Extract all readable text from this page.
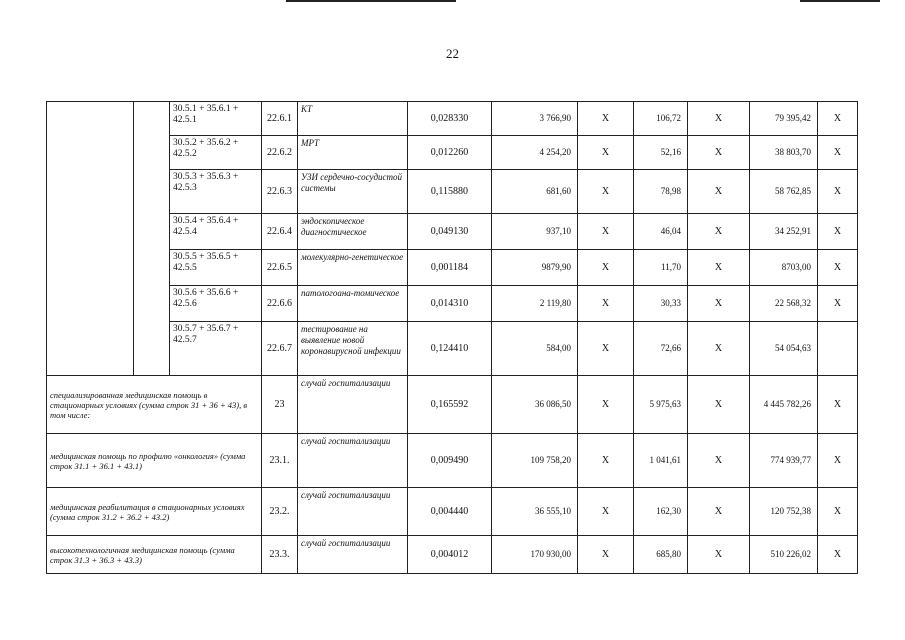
22
		30.5.1 + 35.6.1 + 42.5.1	22.6.1	КТ	0,028330	3 766,90	Х	106,72	Х	79 395,42	Х
		30.5.2 + 35.6.2 + 42.5.2	22.6.2	МРТ	0,012260	4 254,20	Х	52,16	Х	38 803,70	Х
		30.5.3 + 35.6.3 + 42.5.3	22.6.3	УЗИ сердечно-сосудистой системы	0,115880	681,60	Х	78,98	Х	58 762,85	Х
		30.5.4 + 35.6.4 + 42.5.4	22.6.4	эндоскопическое диагностическое	0,049130	937,10	Х	46,04	Х	34 252,91	Х
		30.5.5 + 35.6.5 + 42.5.5	22.6.5	молекулярно-генетическое	0,001184	9879,90	Х	11,70	Х	8703,00	Х
		30.5.6 + 35.6.6 + 42.5.6	22.6.6	патологоана-томическое	0,014310	2 119,80	Х	30,33	Х	22 568,32	Х
		30.5.7 + 35.6.7 + 42.5.7	22.6.7	тестирование на выявление новой коронавирусной инфекции	0,124410	584,00	Х	72,66	Х	54 054,63	
специализированная медицинская помощь в стационарных условиях (сумма строк 31 + 36 + 43), в том числе:			23	случай госпитализации	0,165592	36 086,50	Х	5 975,63	Х	4 445 782,26	Х
медицинская помощь по профилю «онкология» (сумма строк 31.1 + 36.1 + 43.1)			23.1.	случай госпитализации	0,009490	109 758,20	Х	1 041,61	Х	774 939,77	Х
медицинская реабилитация в стационарных условиях (сумма строк 31.2 + 36.2 + 43.2)			23.2.	случай госпитализации	0,004440	36 555,10	Х	162,30	Х	120 752,38	Х
высокотехнологичная медицинская помощь (сумма строк 31.3 + 36.3 + 43.3)			23.3.	случай госпитализации	0,004012	170 930,00	Х	685,80	Х	510 226,02	Х
